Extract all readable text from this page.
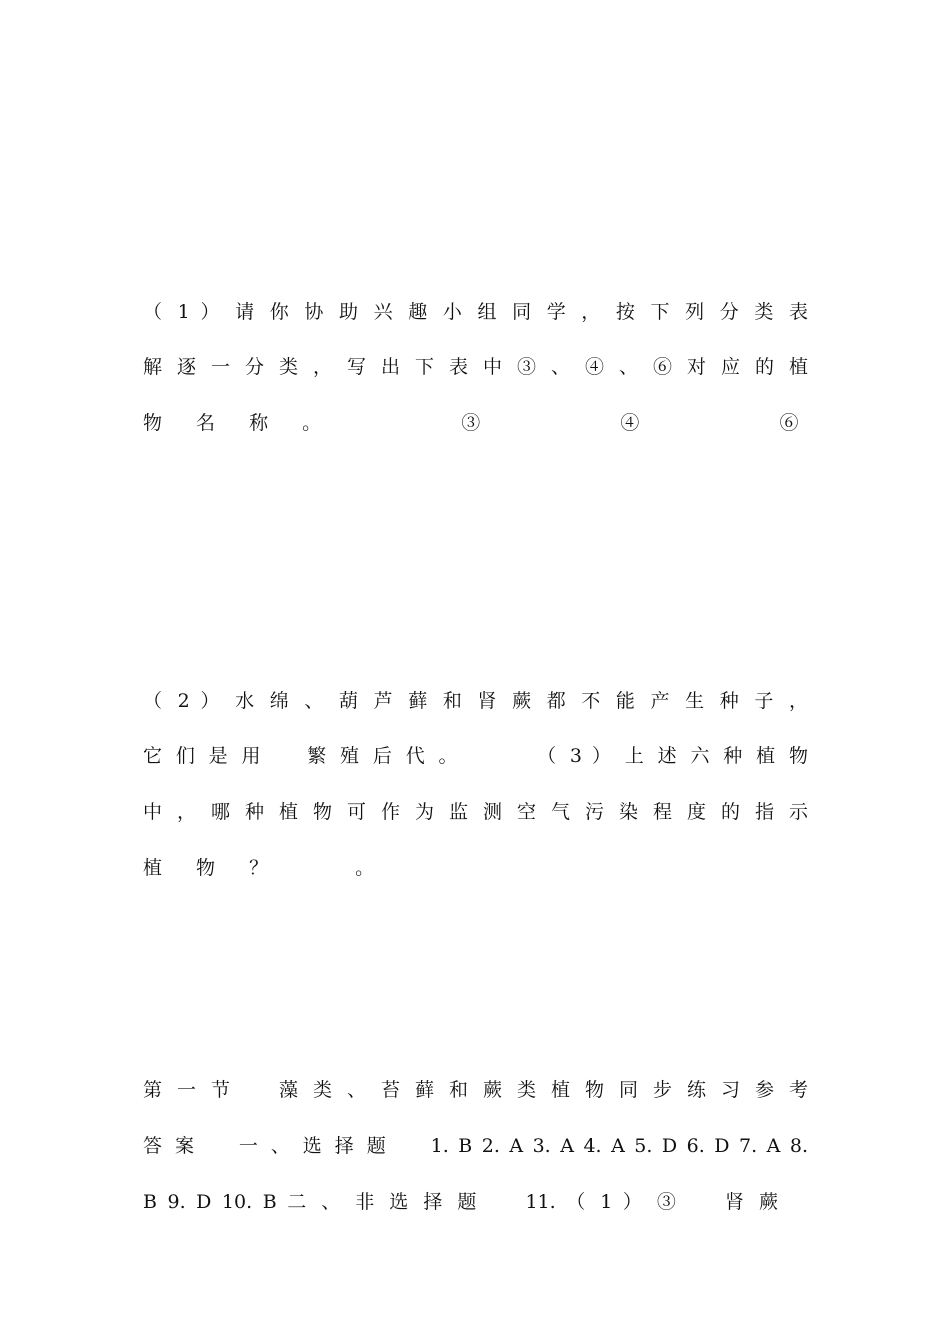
（ 1 ） 请 你 协 助 兴 趣 小 组 同 学 ， 按 下 列 分 类 表
解 逐 一 分 类 ， 写 出 下 表 中 ③ 、 ④ 、 ⑥ 对 应 的 植
物 名 称 。 　 　 ③ 　 　 ④ 　 　 ⑥
（ 2 ） 水 绵 、 葫 芦 藓 和 肾 蕨 都 不 能 产 生 种 子 ，
它 们 是 用 　 繁 殖 后 代 。 　 　 （ 3 ） 上 述 六 种 植 物
中 ， 哪 种 植 物 可 作 为 监 测 空 气 污 染 程 度 的 指 示
植 物 ？ 　 。
第 一 节 　 藻 类 、 苔 藓 和 蕨 类 植 物 同 步 练 习 参 考
答 案 　 一 、 选 择 题 　 1. B 2. A 3. A 4. A 5. D 6. D 7. A 8.
B 9. D 10. B 二 、 非 选 择 题 　 11. （ 1 ） ③ 　 肾 蕨
